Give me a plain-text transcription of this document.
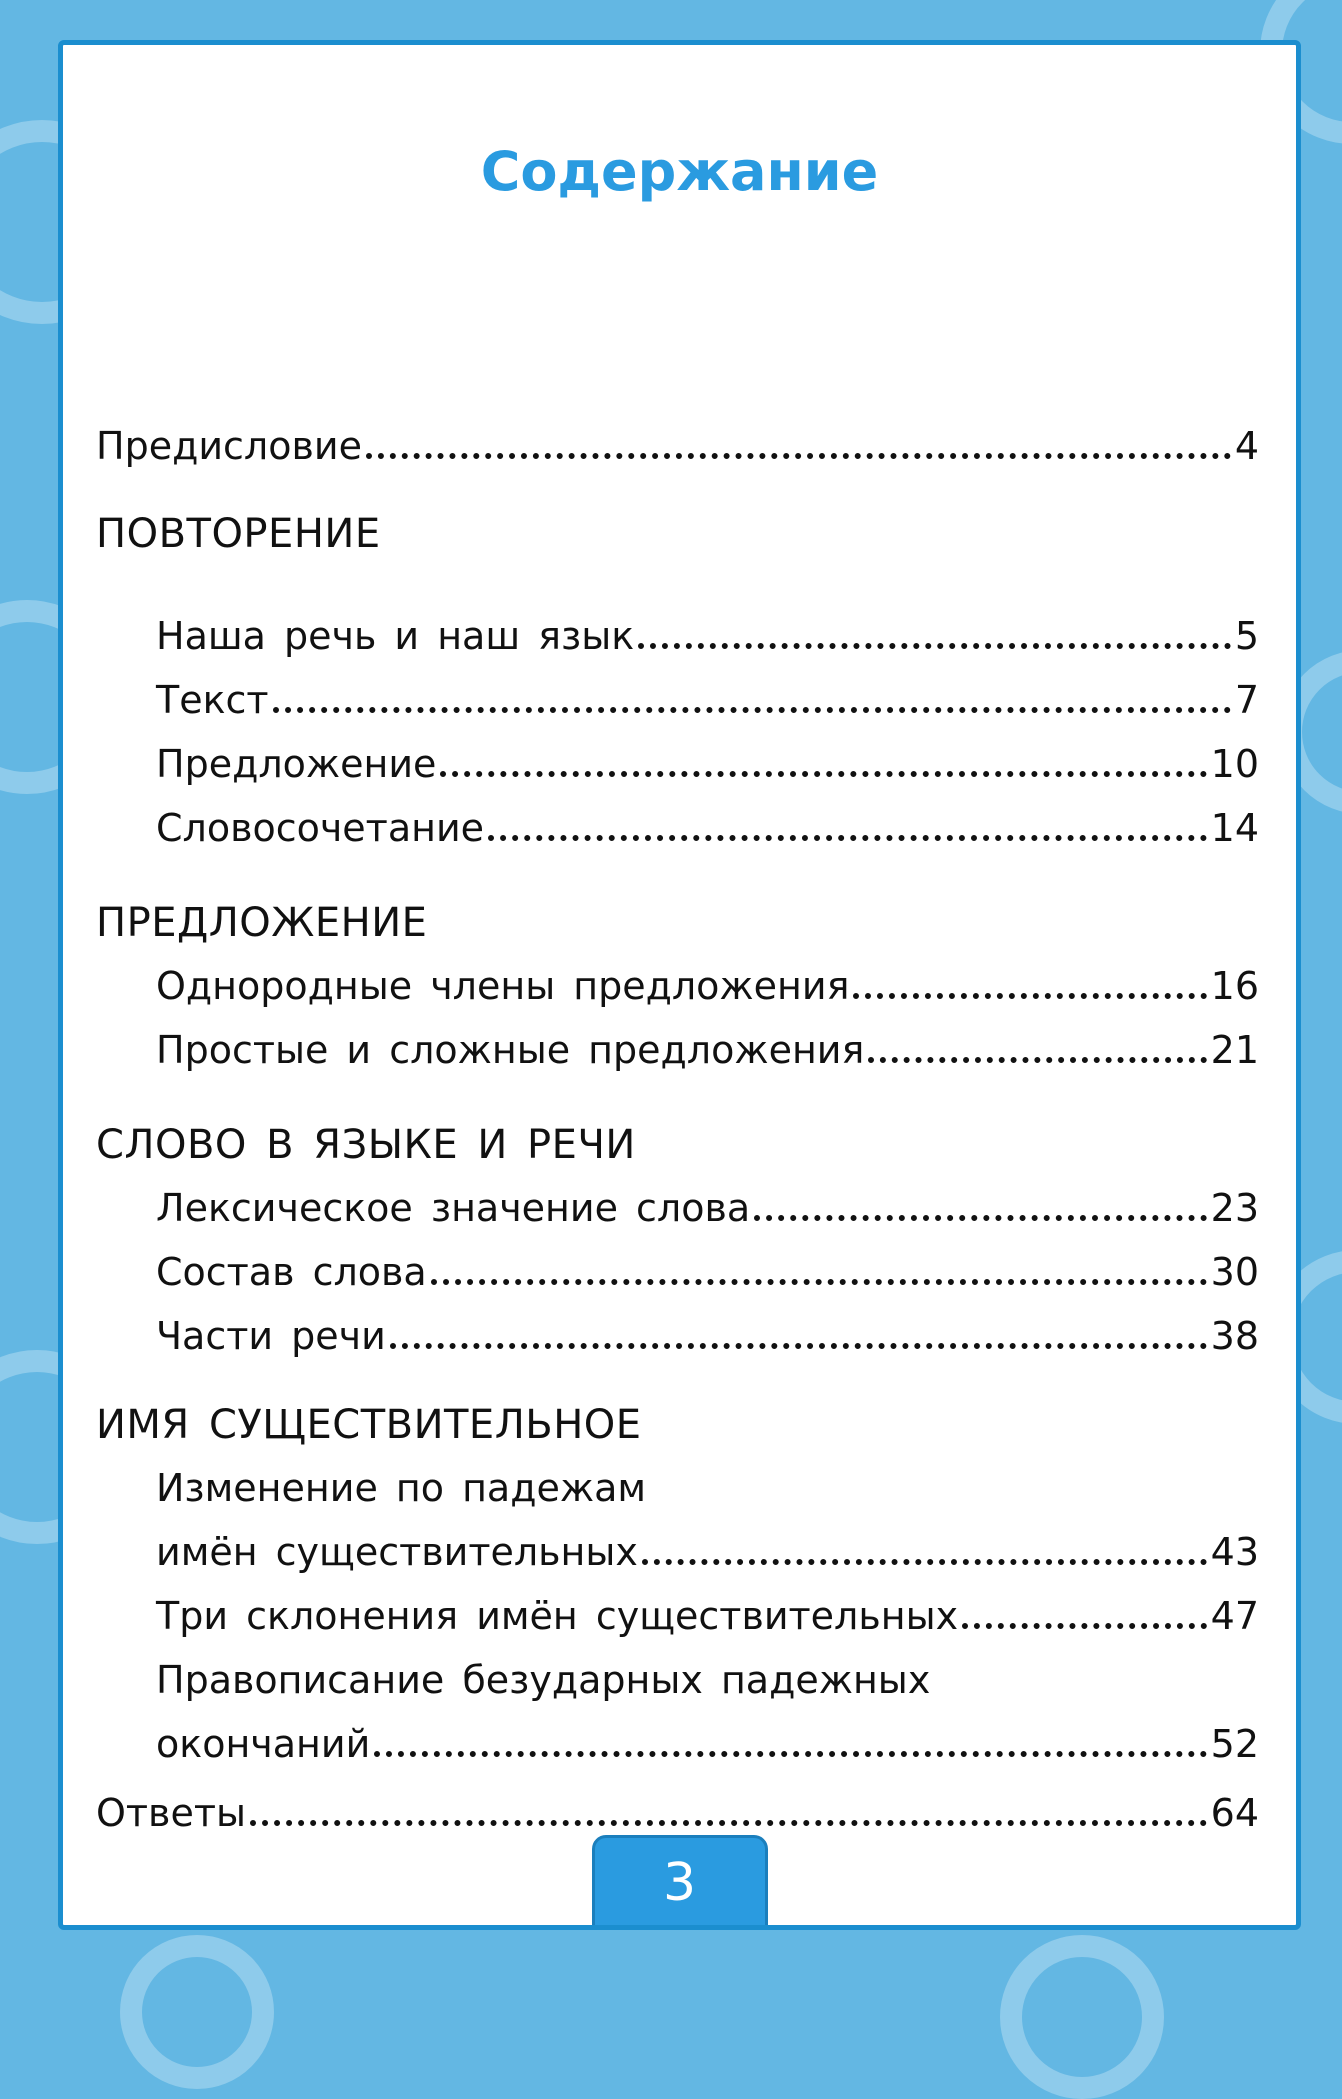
Содержание
Предисловие	4
ПОВТОРЕНИЕ
Наша речь и наш язык	5
Текст	7
Предложение	10
Словосочетание	14
ПРЕДЛОЖЕНИЕ
Однородные члены предложения	16
Простые и сложные предложения	21
СЛОВО В ЯЗЫКЕ И РЕЧИ
Лексическое значение слова	23
Состав слова	30
Части речи	38
ИМЯ СУЩЕСТВИТЕЛЬНОЕ
Изменение по падежам
имён существительных	43
Три склонения имён существительных	47
Правописание безударных падежных
окончаний	52
Ответы	64
3
